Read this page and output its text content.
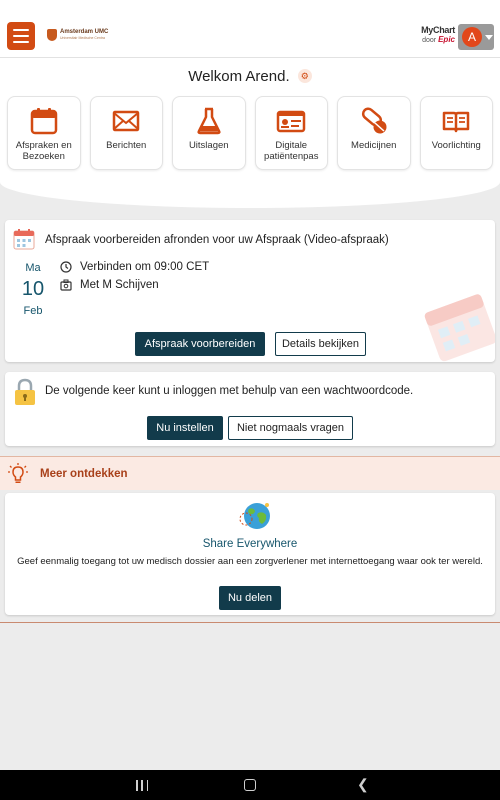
Amsterdam UMC
Universitair Medische Centra
MyChart
door Epic	A
Welkom Arend. ⚙
Afspraken en Bezoeken
Berichten	Uitslagen	Digitale patiëntenpas
Medicijnen	Voorlichting
Afspraak voorbereiden afronden voor uw Afspraak (Video-afspraak)
Ma
10
Feb
Verbinden om 09:00 CET
Met M Schijven
Afspraak voorbereiden	Details bekijken
De volgende keer kunt u inloggen met behulp van een wachtwoordcode.
Nu instellen	Niet nogmaals vragen
Meer ontdekken
Share Everywhere
Geef eenmalig toegang tot uw medisch dossier aan een zorgverlener met internettoegang waar ook ter wereld.
Nu delen
❮
